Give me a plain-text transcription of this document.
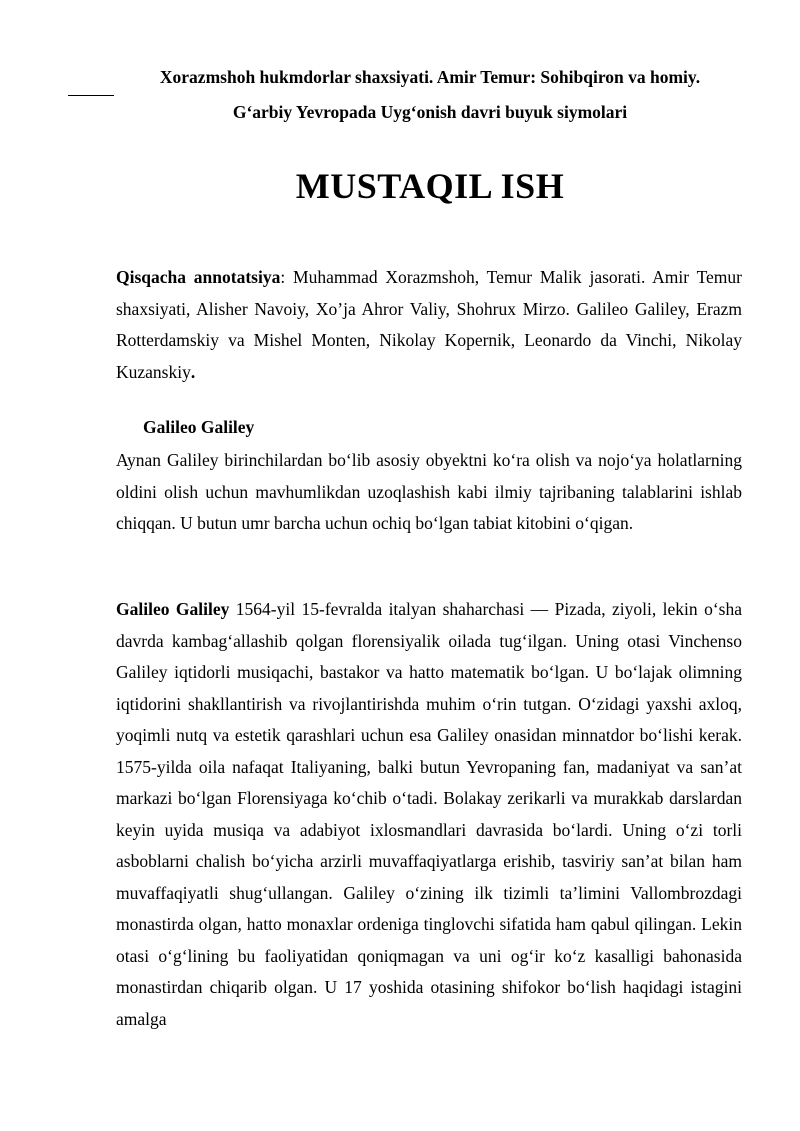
Xorazmshoh hukmdorlar shaxsiyati. Amir Temur: Sohibqiron va homiy.
G‘arbiy Yevropada Uyg‘onish davri buyuk siymolari
MUSTAQIL ISH

Qisqacha annotatsiya: Muhammad Xorazmshoh, Temur Malik jasorati. Amir Temur shaxsiyati, Alisher Navoiy, Xo’ja Ahror Valiy, Shohrux Mirzo. Galileo Galiley, Erazm Rotterdamskiy va Mishel Monten, Nikolay Kopernik, Leonardo da Vinchi, Nikolay Kuzanskiy.

Galileo Galiley

Aynan Galiley birinchilardan bo‘lib asosiy obyektni ko‘ra olish va nojo‘ya holatlarning oldini olish uchun mavhumlikdan uzoqlashish kabi ilmiy tajribaning talablarini ishlab chiqqan. U butun umr barcha uchun ochiq bo‘lgan tabiat kitobini o‘qigan.

Galileo Galiley 1564-yil 15-fevralda italyan shaharchasi — Pizada, ziyoli, lekin o‘sha davrda kambag‘allashib qolgan florensiyalik oilada tug‘ilgan. Uning otasi Vinchenso Galiley iqtidorli musiqachi, bastakor va hatto matematik bo‘lgan. U bo‘lajak olimning iqtidorini shakllantirish va rivojlantirishda muhim o‘rin tutgan. O‘zidagi yaxshi axloq, yoqimli nutq va estetik qarashlari uchun esa Galiley onasidan minnatdor bo‘lishi kerak. 1575-yilda oila nafaqat Italiyaning, balki butun Yevropaning fan, madaniyat va san’at markazi bo‘lgan Florensiyaga ko‘chib o‘tadi. Bolakay zerikarli va murakkab darslardan keyin uyida musiqa va adabiyot ixlosmandlari davrasida bo‘lardi. Uning o‘zi torli asboblarni chalish bo‘yicha arzirli muvaffaqiyatlarga erishib, tasviriy san’at bilan ham muvaffaqiyatli shug‘ullangan. Galiley o‘zining ilk tizimli ta’limini Vallombrozdagi monastirda olgan, hatto monaxlar ordeniga tinglovchi sifatida ham qabul qilingan. Lekin otasi o‘g‘lining bu faoliyatidan qoniqmagan va uni og‘ir ko‘z kasalligi bahonasida monastirdan chiqarib olgan. U 17 yoshida otasining shifokor bo‘lish haqidagi istagini amalga
